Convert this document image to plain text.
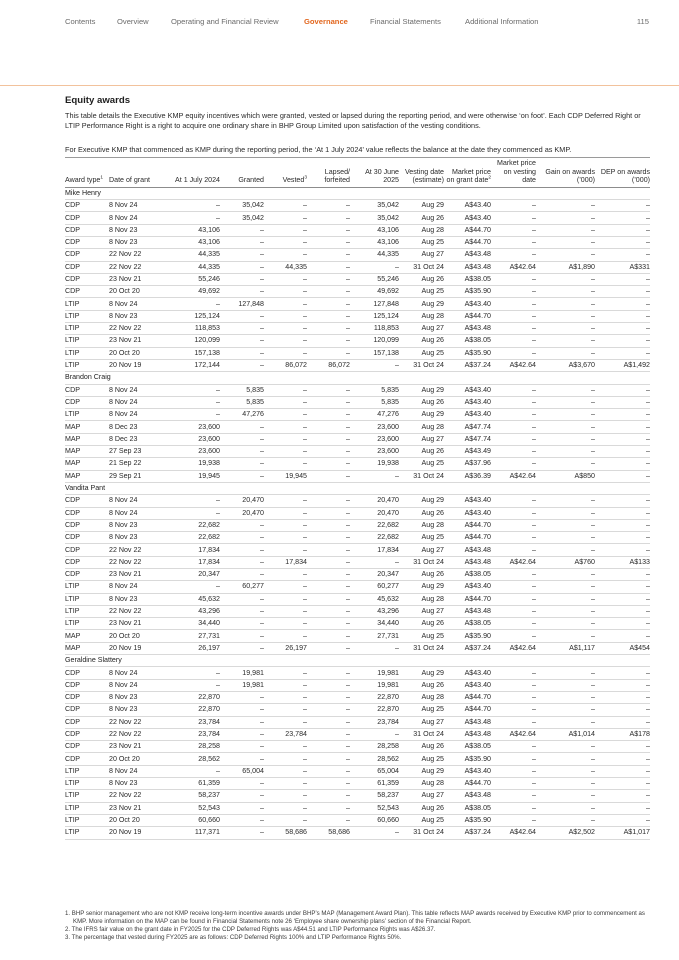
Contents	Overview	Operating and Financial Review	Governance	Financial Statements	Additional Information	115
Equity awards

This table details the Executive KMP equity incentives which were granted, vested or lapsed during the reporting period, and were otherwise ‘on foot’. Each CDP Deferred Right or LTIP Performance Right is a right to acquire one ordinary share in BHP Group Limited upon satisfaction of the vesting conditions.

For Executive KMP that commenced as KMP during the reporting period, the ‘At 1 July 2024’ value reflects the balance at the date they commenced as KMP.

Award type$^1$	Date of grant	At 1 July 2024	Granted	Vested$^3$	Lapsed/ forfeited	At 30 June 2025	Vesting date (estimate)	Market price on grant date$^2$	Market price on vesting date	Gain on awards (’000)	DEP on awards (’000)
Mike Henry											
CDP	8 Nov 24	–	35,042	–	–	35,042	Aug 29	A$43.40	–	–	–
CDP	8 Nov 24	–	35,042	–	–	35,042	Aug 26	A$43.40	–	–	–
CDP	8 Nov 23	43,106	–	–	–	43,106	Aug 28	A$44.70	–	–	–
CDP	8 Nov 23	43,106	–	–	–	43,106	Aug 25	A$44.70	–	–	–
CDP	22 Nov 22	44,335	–	–	–	44,335	Aug 27	A$43.48	–	–	–
CDP	22 Nov 22	44,335	–	44,335	–	–	31 Oct 24	A$43.48	A$42.64	A$1,890	A$331
CDP	23 Nov 21	55,246	–	–	–	55,246	Aug 26	A$38.05	–	–	–
CDP	20 Oct 20	49,692	–	–	–	49,692	Aug 25	A$35.90	–	–	–
LTIP	8 Nov 24	–	127,848	–	–	127,848	Aug 29	A$43.40	–	–	–
LTIP	8 Nov 23	125,124	–	–	–	125,124	Aug 28	A$44.70	–	–	–
LTIP	22 Nov 22	118,853	–	–	–	118,853	Aug 27	A$43.48	–	–	–
LTIP	23 Nov 21	120,099	–	–	–	120,099	Aug 26	A$38.05	–	–	–
LTIP	20 Oct 20	157,138	–	–	–	157,138	Aug 25	A$35.90	–	–	–
LTIP	20 Nov 19	172,144	–	86,072	86,072	–	31 Oct 24	A$37.24	A$42.64	A$3,670	A$1,492
Brandon Craig											
CDP	8 Nov 24	–	5,835	–	–	5,835	Aug 29	A$43.40	–	–	–
CDP	8 Nov 24	–	5,835	–	–	5,835	Aug 26	A$43.40	–	–	–
LTIP	8 Nov 24	–	47,276	–	–	47,276	Aug 29	A$43.40	–	–	–
MAP	8 Dec 23	23,600	–	–	–	23,600	Aug 28	A$47.74	–	–	–
MAP	8 Dec 23	23,600	–	–	–	23,600	Aug 27	A$47.74	–	–	–
MAP	27 Sep 23	23,600	–	–	–	23,600	Aug 26	A$43.49	–	–	–
MAP	21 Sep 22	19,938	–	–	–	19,938	Aug 25	A$37.96	–	–	–
MAP	29 Sep 21	19,945	–	19,945	–	–	31 Oct 24	A$36.39	A$42.64	A$850	–
Vandita Pant											
CDP	8 Nov 24	–	20,470	–	–	20,470	Aug 29	A$43.40	–	–	–
CDP	8 Nov 24	–	20,470	–	–	20,470	Aug 26	A$43.40	–	–	–
CDP	8 Nov 23	22,682	–	–	–	22,682	Aug 28	A$44.70	–	–	–
CDP	8 Nov 23	22,682	–	–	–	22,682	Aug 25	A$44.70	–	–	–
CDP	22 Nov 22	17,834	–	–	–	17,834	Aug 27	A$43.48	–	–	–
CDP	22 Nov 22	17,834	–	17,834	–	–	31 Oct 24	A$43.48	A$42.64	A$760	A$133
CDP	23 Nov 21	20,347	–	–	–	20,347	Aug 26	A$38.05	–	–	–
LTIP	8 Nov 24	–	60,277	–	–	60,277	Aug 29	A$43.40	–	–	–
LTIP	8 Nov 23	45,632	–	–	–	45,632	Aug 28	A$44.70	–	–	–
LTIP	22 Nov 22	43,296	–	–	–	43,296	Aug 27	A$43.48	–	–	–
LTIP	23 Nov 21	34,440	–	–	–	34,440	Aug 26	A$38.05	–	–	–
MAP	20 Oct 20	27,731	–	–	–	27,731	Aug 25	A$35.90	–	–	–
MAP	20 Nov 19	26,197	–	26,197	–	–	31 Oct 24	A$37.24	A$42.64	A$1,117	A$454
Geraldine Slattery											
CDP	8 Nov 24	–	19,981	–	–	19,981	Aug 29	A$43.40	–	–	–
CDP	8 Nov 24	–	19,981	–	–	19,981	Aug 26	A$43.40	–	–	–
CDP	8 Nov 23	22,870	–	–	–	22,870	Aug 28	A$44.70	–	–	–
CDP	8 Nov 23	22,870	–	–	–	22,870	Aug 25	A$44.70	–	–	–
CDP	22 Nov 22	23,784	–	–	–	23,784	Aug 27	A$43.48	–	–	–
CDP	22 Nov 22	23,784	–	23,784	–	–	31 Oct 24	A$43.48	A$42.64	A$1,014	A$178
CDP	23 Nov 21	28,258	–	–	–	28,258	Aug 26	A$38.05	–	–	–
CDP	20 Oct 20	28,562	–	–	–	28,562	Aug 25	A$35.90	–	–	–
LTIP	8 Nov 24	–	65,004	–	–	65,004	Aug 29	A$43.40	–	–	–
LTIP	8 Nov 23	61,359	–	–	–	61,359	Aug 28	A$44.70	–	–	–
LTIP	22 Nov 22	58,237	–	–	–	58,237	Aug 27	A$43.48	–	–	–
LTIP	23 Nov 21	52,543	–	–	–	52,543	Aug 26	A$38.05	–	–	–
LTIP	20 Oct 20	60,660	–	–	–	60,660	Aug 25	A$35.90	–	–	–
LTIP	20 Nov 19	117,371	–	58,686	58,686	–	31 Oct 24	A$37.24	A$42.64	A$2,502	A$1,017

1. BHP senior management who are not KMP receive long-term incentive awards under BHP’s MAP (Management Award Plan). This table reflects MAP awards received by Executive KMP prior to commencement as KMP. More information on the MAP can be found in Financial Statements note 26 ‘Employee share ownership plans’ section of the Financial Report.

2. The IFRS fair value on the grant date in FY2025 for the CDP Deferred Rights was A$44.51 and LTIP Performance Rights was A$26.37.

3. The percentage that vested during FY2025 are as follows: CDP Deferred Rights 100% and LTIP Performance Rights 50%.
